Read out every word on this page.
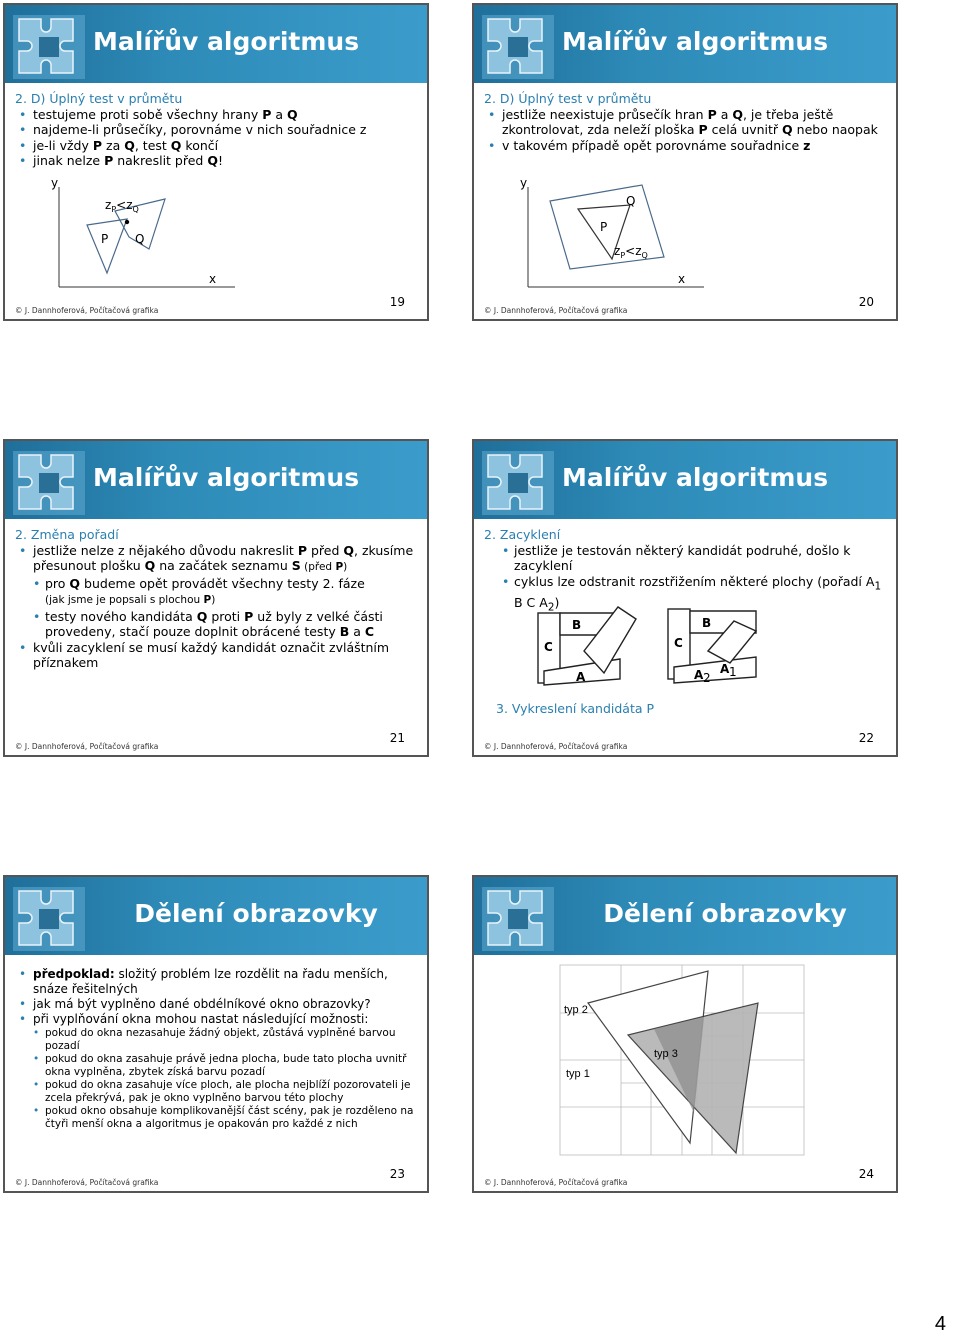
Malířův algoritmus
2. D) Úplný test v průmětu

• testujeme proti sobě všechny hrany P a Q

• najdeme-li průsečíky, porovnáme v nich souřadnice z

• je-li vždy P za Q, test Q končí

• jinak nelze P nakreslit před Q!

y
x
P Q
$z_P<z_Q$
© J. Dannhoferová, Počítačová grafika
19
Malířův algoritmus
2. D) Úplný test v průmětu

• jestliže neexistuje průsečík hran P a Q, je třeba ještě zkontrolovat, zda neleží ploška P celá uvnitř Q nebo naopak

• v takovém případě opět porovnáme souřadnice z

y
x
Q
P
$z_P<z_Q$
© J. Dannhoferová, Počítačová grafika
20
Malířův algoritmus
2. Změna pořadí

• jestliže nelze z nějakého důvodu nakreslit P před Q, zkusíme přesunout plošku Q na začátek seznamu S (před P)

• pro Q budeme opět provádět všechny testy 2. fáze
(jak jsme je popsali s plochou P)

• testy nového kandidáta Q proti P už byly z velké části provedeny, stačí pouze doplnit obrácené testy B a C

• kvůli zacyklení se musí každý kandidát označit zvláštním příznakem

© J. Dannhoferová, Počítačová grafika
21
Malířův algoritmus
2. Zacyklení

• jestliže je testován některý kandidát podruhé, došlo k zacyklení

• cyklus lze odstranit rozstřižením některé plochy (pořadí $A_1$ B C $A_2$)

C
B
A
C
B
A 2
A 1
3. Vykreslení kandidáta P
© J. Dannhoferová, Počítačová grafika
22
Dělení obrazovky

• předpoklad: složitý problém lze rozdělit na řadu menších, snáze řešitelných

• jak má být vyplněno dané obdélníkové okno obrazovky?

• při vyplňování okna mohou nastat následující možnosti:

• pokud do okna nezasahuje žádný objekt, zůstává vyplněné barvou pozadí

• pokud do okna zasahuje právě jedna plocha, bude tato plocha uvnitř okna vyplněna, zbytek získá barvu pozadí

• pokud do okna zasahuje více ploch, ale plocha nejblíží pozorovateli je zcela překrývá, pak je okno vyplněno barvou této plochy

• pokud okno obsahuje komplikovanější část scény, pak je rozděleno na čtyři menší okna a algoritmus je opakován pro každé z nich

© J. Dannhoferová, Počítačová grafika
23
Dělení obrazovky
typ 2
typ 3
typ 1
© J. Dannhoferová, Počítačová grafika
24
4
